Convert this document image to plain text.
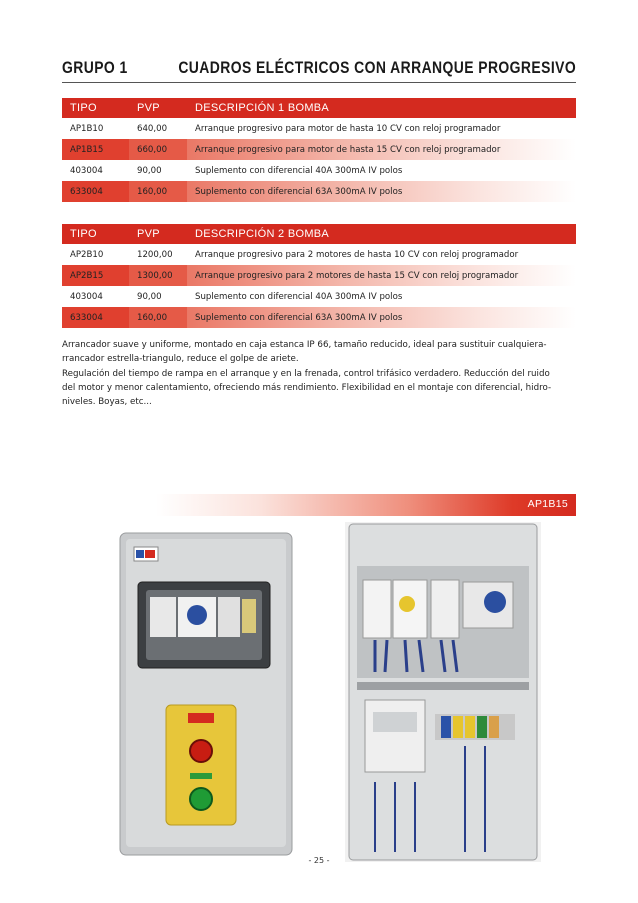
GRUPO 1	CUADROS ELÉCTRICOS CON ARRANQUE PROGRESIVO
TIPO	PVP	DESCRIPCIÓN 1 BOMBA
AP1B10	640,00	Arranque progresivo para motor de hasta 10 CV con reloj programador
AP1B15	660,00	Arranque progresivo para motor de hasta 15 CV con reloj programador
403004	90,00	Suplemento con diferencial 40A 300mA IV polos
633004	160,00	Suplemento con diferencial 63A 300mA IV polos
TIPO	PVP	DESCRIPCIÓN 2 BOMBA
AP2B10	1200,00	Arranque progresivo para 2 motores de hasta 10 CV con reloj programador
AP2B15	1300,00	Arranque progresivo para 2 motores de hasta 15 CV con reloj programador
403004	90,00	Suplemento con diferencial 40A 300mA IV polos
633004	160,00	Suplemento con diferencial 63A 300mA IV polos
Arrancador suave y uniforme, montado en caja estanca IP 66, tamaño reducido, ideal para sustituir cualquiera-
rrancador estrella-triangulo, reduce el golpe de ariete.
Regulación del tiempo de rampa en el arranque y en la frenada, control trifásico verdadero. Reducción del ruido
del motor y menor calentamiento, ofreciendo más rendimiento. Flexibilidad en el montaje con diferencial, hidro-
niveles. Boyas, etc...
AP1B15
- 25 -
